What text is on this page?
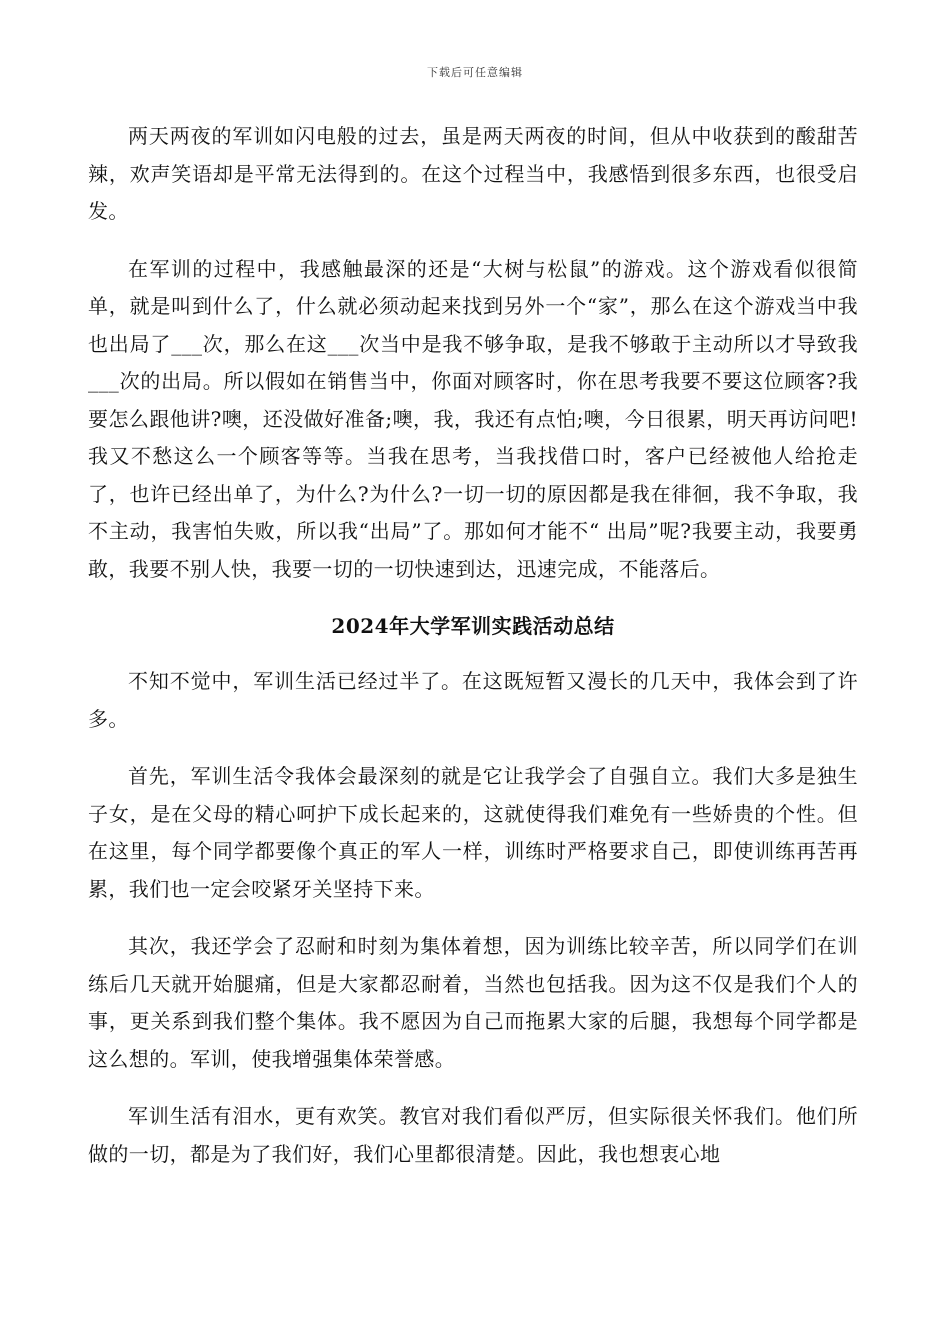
下载后可任意编辑

两天两夜的军训如闪电般的过去，虽是两天两夜的时间，但从中收获到的酸甜苦辣，欢声笑语却是平常无法得到的。在这个过程当中，我感悟到很多东西，也很受启发。

在军训的过程中，我感触最深的还是“大树与松鼠”的游戏。这个游戏看似很简单，就是叫到什么了，什么就必须动起来找到另外一个“家”，那么在这个游戏当中我也出局了___次，那么在这___次当中是我不够争取，是我不够敢于主动所以才导致我___次的出局。所以假如在销售当中，你面对顾客时，你在思考我要不要这位顾客?我要怎么跟他讲?噢，还没做好准备;噢，我，我还有点怕;噢，今日很累，明天再访问吧!我又不愁这么一个顾客等等。当我在思考，当我找借口时，客户已经被他人给抢走了，也许已经出单了，为什么?为什么?一切一切的原因都是我在徘徊，我不争取，我不主动，我害怕失败，所以我“出局”了。那如何才能不“ 出局”呢?我要主动，我要勇敢，我要不别人快，我要一切的一切快速到达，迅速完成，不能落后。

2024年大学军训实践活动总结

不知不觉中，军训生活已经过半了。在这既短暂又漫长的几天中，我体会到了许多。

首先，军训生活令我体会最深刻的就是它让我学会了自强自立。我们大多是独生子女，是在父母的精心呵护下成长起来的，这就使得我们难免有一些娇贵的个性。但在这里，每个同学都要像个真正的军人一样，训练时严格要求自己，即使训练再苦再累，我们也一定会咬紧牙关坚持下来。

其次，我还学会了忍耐和时刻为集体着想，因为训练比较辛苦，所以同学们在训练后几天就开始腿痛，但是大家都忍耐着，当然也包括我。因为这不仅是我们个人的事，更关系到我们整个集体。我不愿因为自己而拖累大家的后腿，我想每个同学都是这么想的。军训，使我增强集体荣誉感。

军训生活有泪水，更有欢笑。教官对我们看似严厉，但实际很关怀我们。他们所做的一切，都是为了我们好，我们心里都很清楚。因此，我也想衷心地
